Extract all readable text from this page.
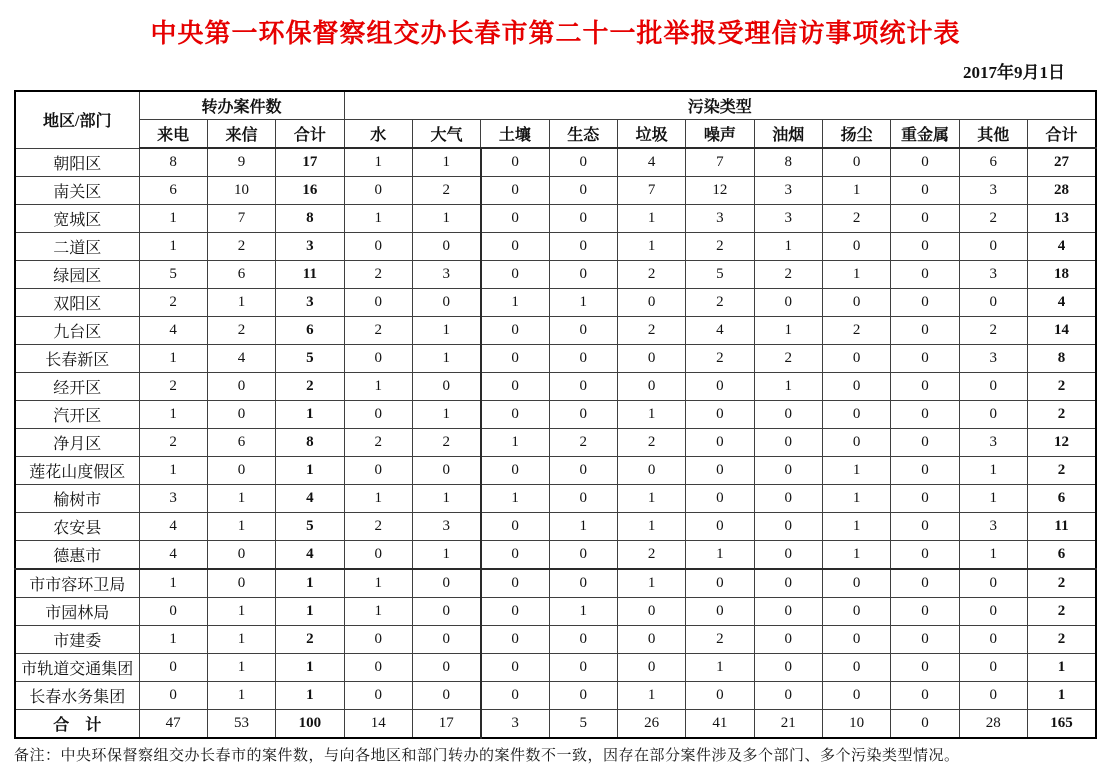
中央第一环保督察组交办长春市第二十一批举报受理信访事项统计表
2017年9月1日
地区/部门	转办案件数			污染类型										
	来电	来信	合计	水	大气	土壤	生态	垃圾	噪声	油烟	扬尘	重金属	其他	合计
朝阳区	8	9	17	1	1	0	0	4	7	8	0	0	6	27
南关区	6	10	16	0	2	0	0	7	12	3	1	0	3	28
宽城区	1	7	8	1	1	0	0	1	3	3	2	0	2	13
二道区	1	2	3	0	0	0	0	1	2	1	0	0	0	4
绿园区	5	6	11	2	3	0	0	2	5	2	1	0	3	18
双阳区	2	1	3	0	0	1	1	0	2	0	0	0	0	4
九台区	4	2	6	2	1	0	0	2	4	1	2	0	2	14
长春新区	1	4	5	0	1	0	0	0	2	2	0	0	3	8
经开区	2	0	2	1	0	0	0	0	0	1	0	0	0	2
汽开区	1	0	1	0	1	0	0	1	0	0	0	0	0	2
净月区	2	6	8	2	2	1	2	2	0	0	0	0	3	12
莲花山度假区	1	0	1	0	0	0	0	0	0	0	1	0	1	2
榆树市	3	1	4	1	1	1	0	1	0	0	1	0	1	6
农安县	4	1	5	2	3	0	1	1	0	0	1	0	3	11
德惠市	4	0	4	0	1	0	0	2	1	0	1	0	1	6
市市容环卫局	1	0	1	1	0	0	0	1	0	0	0	0	0	2
市园林局	0	1	1	1	0	0	1	0	0	0	0	0	0	2
市建委	1	1	2	0	0	0	0	0	2	0	0	0	0	2
市轨道交通集团	0	1	1	0	0	0	0	0	1	0	0	0	0	1
长春水务集团	0	1	1	0	0	0	0	1	0	0	0	0	0	1
合　计	47	53	100	14	17	3	5	26	41	21	10	0	28	165
备注：中央环保督察组交办长春市的案件数，与向各地区和部门转办的案件数不一致，因存在部分案件涉及多个部门、多个污染类型情况。
